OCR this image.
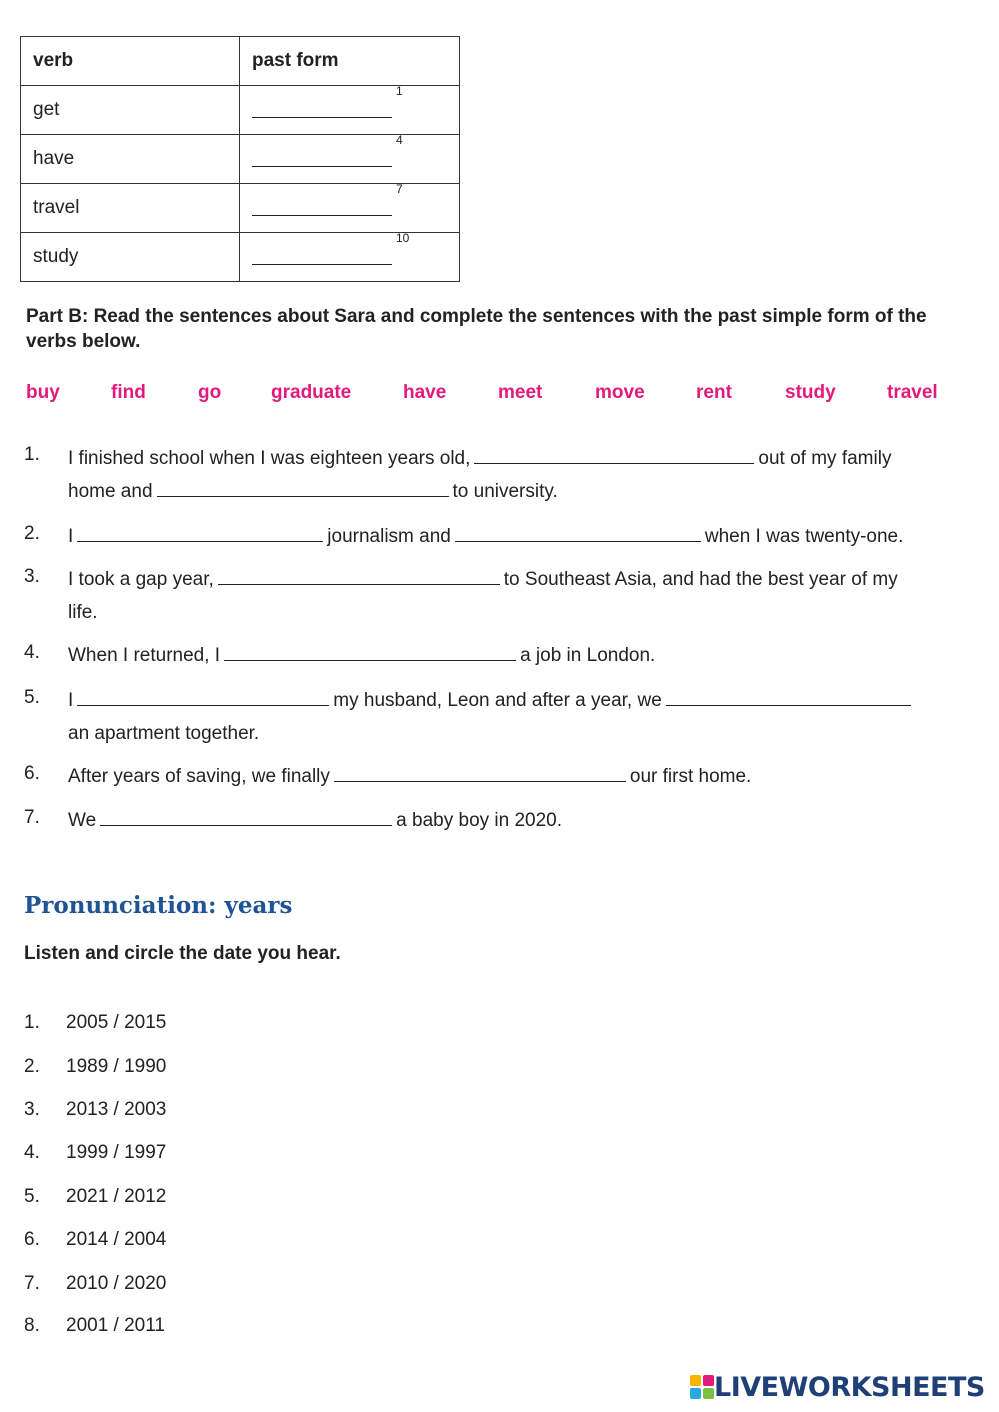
verb	past form
get	1

have	4

travel	7

study	10
Part B: Read the sentences about Sara and complete the sentences with the past simple form of the verbs below.
buy	find	go	graduate	have	meet	move	rent	study	travel
1. I finished school when I was eighteen years old,	out of my family
home and	to university.
2. I	journalism and	when I was twenty-one.
3. I took a gap year,	to Southeast Asia, and had the best year of my
life.
4. When I returned, I	a job in London.
5. I	my husband, Leon and after a year, we
an apartment together.
6. After years of saving, we finally	our first home.
7. We	a baby boy in 2020.
Pronunciation: years
Listen and circle the date you hear.
1. 2005 / 2015
2. 1989 / 1990
3. 2013 / 2003
4. 1999 / 1997
5. 2021 / 2012
6. 2014 / 2004
7. 2010 / 2020
8. 2001 / 2011
LIVEWORKSHEETS
